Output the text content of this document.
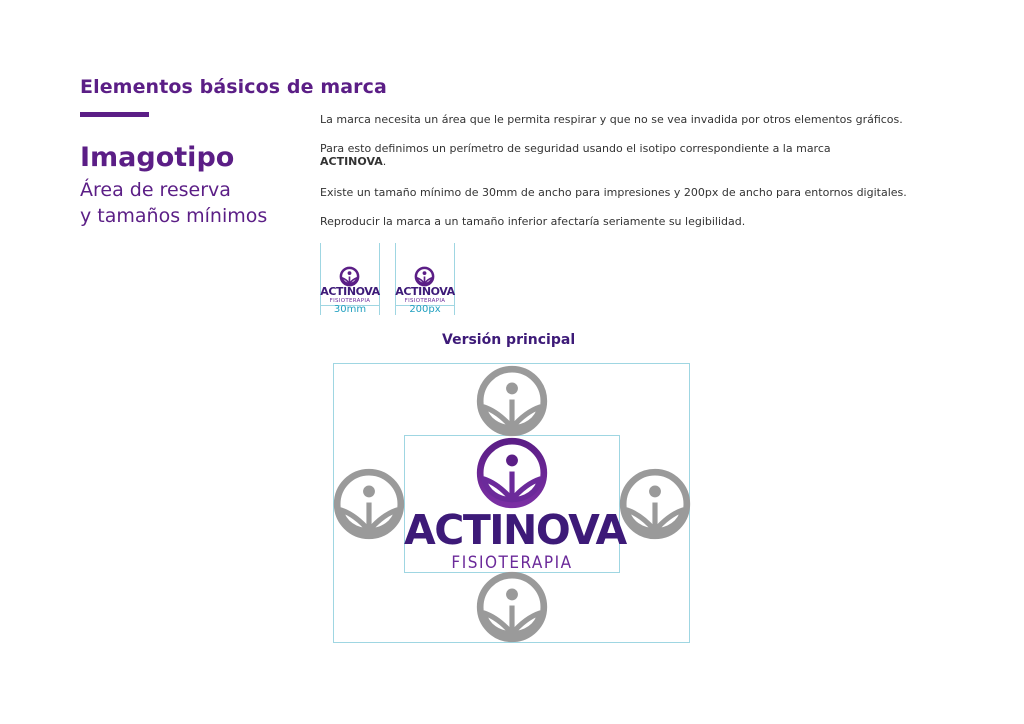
Elementos básicos de marca
Imagotipo
Área de reserva
y tamaños mínimos
La marca necesita un área que le permita respirar y que no se vea invadida por otros elementos gráficos.
Para esto definimos un perímetro de seguridad usando el isotipo correspondiente a la marca
ACTINOVA.
Existe un tamaño mínimo de 30mm de ancho para impresiones y 200px de ancho para entornos digitales.
Reproducir la marca a un tamaño inferior afectaría seriamente su legibilidad.
ACTINOVA
FISIOTERAPIA
30mm
ACTINOVA
FISIOTERAPIA
200px
Versión principal
ACTINOVA
FISIOTERAPIA
